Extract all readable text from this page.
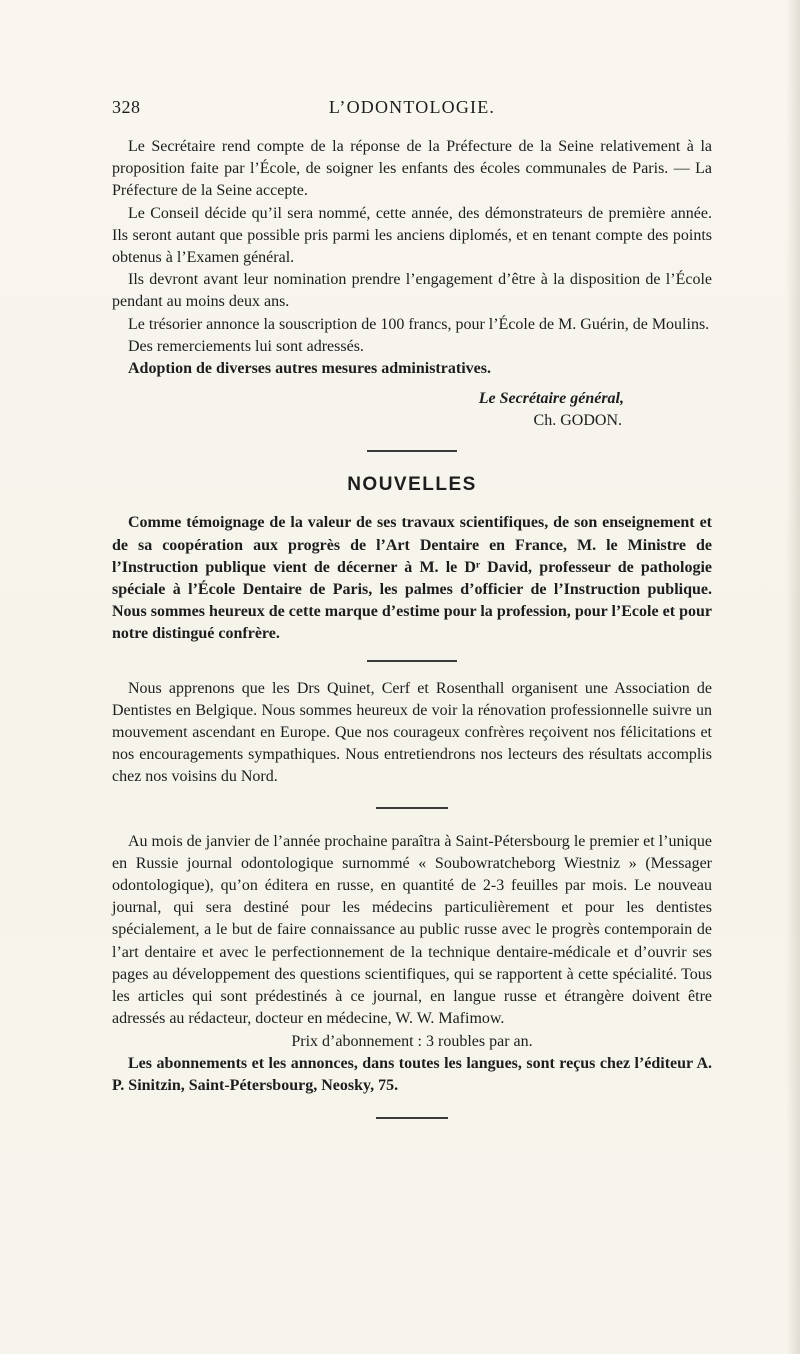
328	L’ODONTOLOGIE.

Le Secrétaire rend compte de la réponse de la Préfecture de la Seine relativement à la proposition faite par l’École, de soigner les enfants des écoles communales de Paris. — La Préfecture de la Seine accepte.

Le Conseil décide qu’il sera nommé, cette année, des démonstrateurs de première année. Ils seront autant que possible pris parmi les anciens diplomés, et en tenant compte des points obtenus à l’Examen général.

Ils devront avant leur nomination prendre l’engagement d’être à la disposition de l’École pendant au moins deux ans.

Le trésorier annonce la souscription de 100 francs, pour l’École de M. Guérin, de Moulins.

Des remerciements lui sont adressés.

Adoption de diverses autres mesures administratives.

Le Secrétaire général,

Ch. GODON.
NOUVELLES

Comme témoignage de la valeur de ses travaux scientifiques, de son enseignement et de sa coopération aux progrès de l’Art Dentaire en France, M. le Ministre de l’Instruction publique vient de décerner à M. le Dʳ David, professeur de pathologie spéciale à l’École Dentaire de Paris, les palmes d’officier de l’Instruction publique. Nous sommes heureux de cette marque d’estime pour la profession, pour l’Ecole et pour notre distingué confrère.

Nous apprenons que les Drs Quinet, Cerf et Rosenthall organisent une Association de Dentistes en Belgique. Nous sommes heureux de voir la rénovation professionnelle suivre un mouvement ascendant en Europe. Que nos courageux confrères reçoivent nos félicitations et nos encouragements sympathiques. Nous entretiendrons nos lecteurs des résultats accomplis chez nos voisins du Nord.

Au mois de janvier de l’année prochaine paraîtra à Saint-Pétersbourg le premier et l’unique en Russie journal odontologique surnommé « Soubowratcheborg Wiestniz » (Messager odontologique), qu’on éditera en russe, en quantité de 2-3 feuilles par mois. Le nouveau journal, qui sera destiné pour les médecins particulièrement et pour les dentistes spécialement, a le but de faire connaissance au public russe avec le progrès contemporain de l’art dentaire et avec le perfectionnement de la technique dentaire-médicale et d’ouvrir ses pages au développement des questions scientifiques, qui se rapportent à cette spécialité. Tous les articles qui sont prédestinés à ce journal, en langue russe et étrangère doivent être adressés au rédacteur, docteur en médecine, W. W. Mafimow.

Prix d’abonnement : 3 roubles par an.

Les abonnements et les annonces, dans toutes les langues, sont reçus chez l’éditeur A. P. Sinitzin, Saint-Pétersbourg, Neosky, 75.
